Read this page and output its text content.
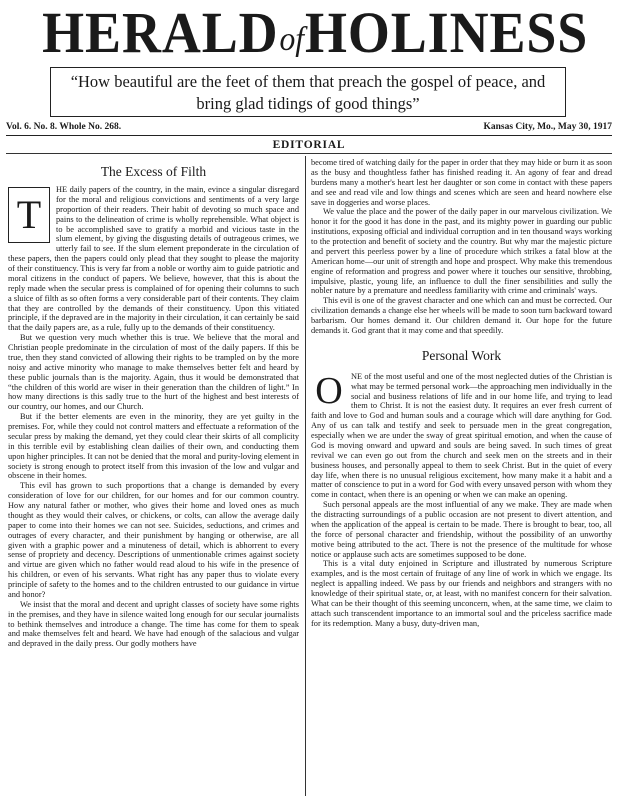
HERALDofHOLINESS
“How beautiful are the feet of them that preach the gospel of peace, and
bring glad tidings of good things”
Vol. 6. No. 8. Whole No. 268.	Kansas City, Mo., May 30, 1917
EDITORIAL
The Excess of Filth
T

HE daily papers of the country, in the main, evince a singular disregard for the moral and religious convictions and sentiments of a very large proportion of their readers. Their habit of devoting so much space and pains to the delineation of crime is wholly reprehensible. What object is to be accomplished save to gratify a morbid and vicious taste in the slum element, by giving the disgusting details of outrageous crimes, we utterly fail to see. If the slum element preponderate in the circulation of these papers, then the papers could only plead that they sought to please the majority of their constituency. This is very far from a noble or worthy aim to guide patriotic and moral citizens in the conduct of papers. We believe, however, that this is about the reply made when the secular press is complained of for opening their columns to such a sluice of filth as so often forms a very considerable part of their contents. They claim that they are controlled by the demands of their constituency. Upon this vitiated principle, if the depraved are in the majority in their circulation, it can certainly be said that the daily papers are, as a rule, fully up to the demands of their constituency.

But we question very much whether this is true. We believe that the moral and Christian people predominate in the circulation of most of the daily papers. If this be true, then they stand convicted of allowing their rights to be trampled on by the more noisy and active minority who manage to make themselves better felt and heard by these public journals than is the majority. Again, thus it would be demonstrated that “the children of this world are wiser in their generation than the children of light.” In how many directions is this sadly true to the hurt of the highest and best interests of our country, our homes, and our Church.

But if the better elements are even in the minority, they are yet guilty in the premises. For, while they could not control matters and effectuate a reformation of the secular press by making the demand, yet they could clear their skirts of all complicity in this terrible evil by establishing clean dailies of their own, and conducting them upon higher principles. It can not be denied that the moral and purity-loving element in society is strong enough to protect itself from this invasion of the low and vulgar and obscene in their homes.

This evil has grown to such proportions that a change is demanded by every consideration of love for our children, for our homes and for our common country. How any natural father or mother, who gives their home and loved ones as much thought as they would their calves, or chickens, or colts, can allow the average daily paper to come into their homes we can not see. Suicides, seductions, and crimes and outrages of every character, and their punishment by hanging or otherwise, are all given with a graphic power and a minuteness of detail, which is abhorrent to every sense of propriety and decency. Descriptions of unmentionable crimes against society and virtue are given which no father would read aloud to his wife in the presence of his children, or even of his servants. What right has any paper thus to violate every principle of safety to the homes and to the children entrusted to our guidance in virtue and honor?

We insist that the moral and decent and upright classes of society have some rights in the premises, and they have in silence waited long enough for our secular journalists to bethink themselves and introduce a change. The time has come for them to speak and make themselves felt and heard. We have had enough of the salacious and vulgar and depraved in the daily press. Our godly mothers have

become tired of watching daily for the paper in order that they may hide or burn it as soon as the busy and thoughtless father has finished reading it. An agony of fear and dread burdens many a mother's heart lest her daughter or son come in contact with these papers and see and read vile and low things and scenes which are seen and heard nowhere else save in doggeries and worse places.

We value the place and the power of the daily paper in our marvelous civilization. We honor it for the good it has done in the past, and its mighty power in guarding our public institutions, exposing official and individual corruption and in ten thousand ways working to the protection and benefit of society and the country. But why mar the majestic picture and pervert this peerless power by a line of procedure which strikes a fatal blow at the American home—our unit of strength and hope and prospect. Why make this tremendous engine of reformation and progress and power where it touches our sensitive, throbbing, impulsive, plastic, young life, an influence to dull the finer sensibilities and sully the nobler nature by a premature and needless familiarity with crime and criminals' ways.

This evil is one of the gravest character and one which can and must be corrected. Our civilization demands a change else her wheels will be made to soon turn backward toward barbarism. Our homes demand it. Our children demand it. Our hope for the future demands it. God grant that it may come and that speedily.

Personal Work
O NE of the most useful and one of the most neglected duties of the Christian is what may be termed personal work—the approaching men individually in the social and business relations of life and in our home life, and trying to lead them to Christ. It is not the easiest duty. It requires an ever fresh current of faith and love to God and human souls and a courage which will dare anything for God. Any of us can talk and testify and seek to persuade men in the great congregation, especially when we are under the sway of great spiritual emotion, and when the cause of God is moving onward and upward and souls are being saved. In such times of great revival we can even go out from the church and seek men on the streets and in their business houses, and personally appeal to them to seek Christ. But in the quiet of every day life, when there is no unusual religious excitement, how many make it a habit and a matter of conscience to put in a word for God with every unsaved person with whom they come in contact, when there is an opening or when we can make an opening.

Such personal appeals are the most influential of any we make. They are made when the distracting surroundings of a public occasion are not present to divert attention, and when the application of the appeal is certain to be made. There is brought to bear, too, all the force of personal character and friendship, without the possibility of an unworthy motive being attributed to the act. There is not the presence of the multitude for whose notice or applause such acts are sometimes supposed to be done.

This is a vital duty enjoined in Scripture and illustrated by numerous Scripture examples, and is the most certain of fruitage of any line of work in which we engage. Its neglect is appalling indeed. We pass by our friends and neighbors and strangers with no knowledge of their spiritual state, or, at least, with no manifest concern for their salvation. What can be their thought of this seeming unconcern, when, at the same time, we claim to attach such transcendent importance to an immortal soul and the priceless sacrifice made for its redemption. Many a busy, duty-driven man,
